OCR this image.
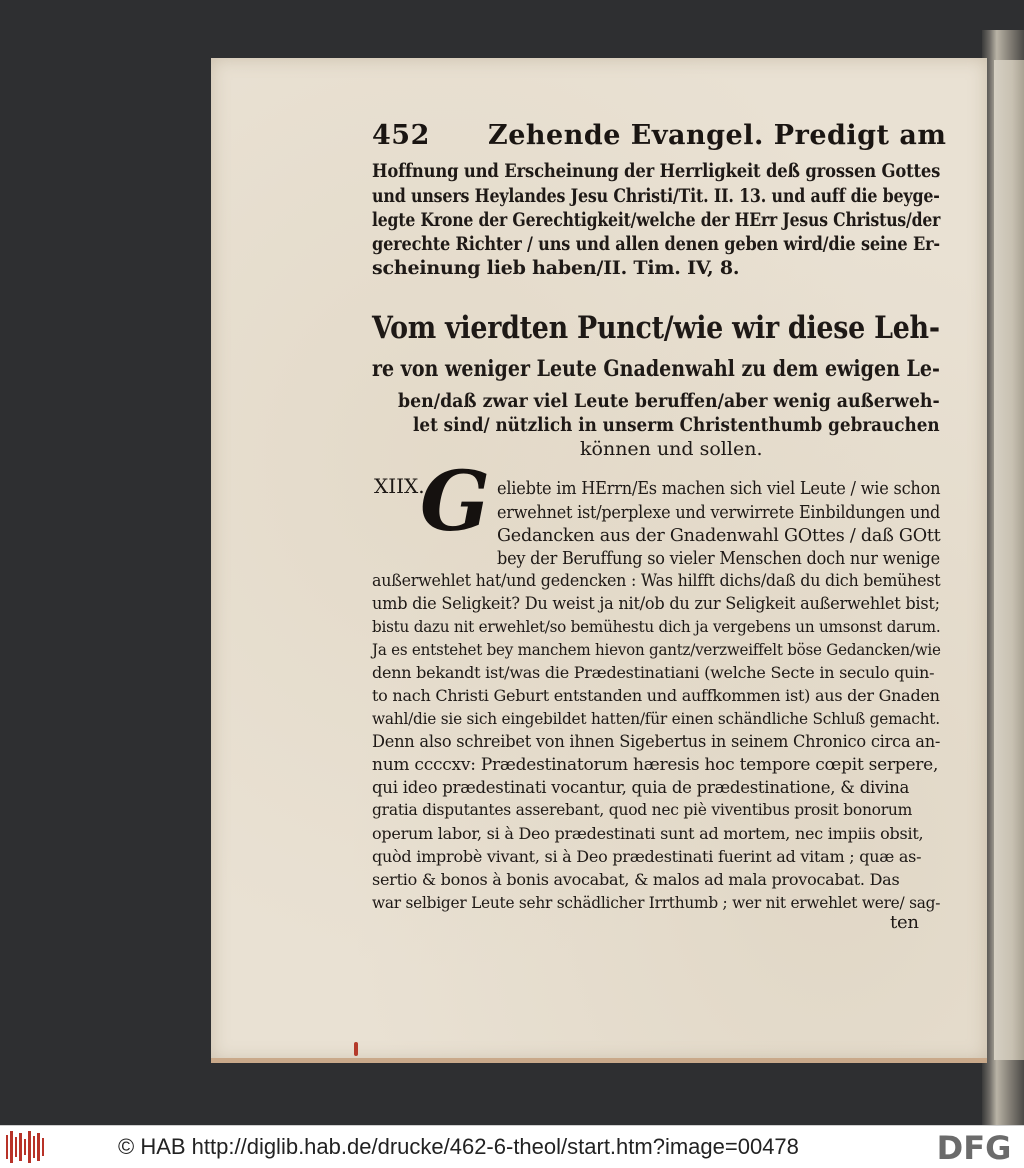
452 Zehende Evangel. Predigt am
Hoffnung und Erscheinung der Herrligkeit deß grossen Gottes
und unsers Heylandes Jesu Christi/Tit. II. 13. und auff die beyge-
legte Krone der Gerechtigkeit/welche der HErr Jesus Christus/der
gerechte Richter / uns und allen denen geben wird/die seine Er-
scheinung lieb haben/II. Tim. IV, 8.
Vom vierdten Punct/wie wir diese Leh-
re von weniger Leute Gnadenwahl zu dem ewigen Le-
ben/daß zwar viel Leute beruffen/aber wenig außerweh-
let sind/ nützlich in unserm Christenthumb gebrauchen
können und sollen.
XIIX.
G eliebte im HErrn/Es machen sich viel Leute / wie schon
erwehnet ist/perplexe und verwirrete Einbildungen und
Gedancken aus der Gnadenwahl GOttes / daß GOtt
bey der Beruffung so vieler Menschen doch nur wenige
außerwehlet hat/und gedencken : Was hilfft dichs/daß du dich bemühest
umb die Seligkeit? Du weist ja nit/ob du zur Seligkeit außerwehlet bist;
bistu dazu nit erwehlet/so bemühestu dich ja vergebens un umsonst darum.
Ja es entstehet bey manchem hievon gantz/verzweiffelt böse Gedancken/wie
denn bekandt ist/was die Prædestinatiani (welche Secte in seculo quin-
to nach Christi Geburt entstanden und auffkommen ist) aus der Gnaden
wahl/die sie sich eingebildet hatten/für einen schändliche Schluß gemacht.
Denn also schreibet von ihnen Sigebertus in seinem Chronico circa an-
num ccccxv: Prædestinatorum hæresis hoc tempore cœpit serpere,
qui ideo prædestinati vocantur, quia de prædestinatione, & divina
gratia disputantes asserebant, quod nec piè viventibus prosit bonorum
operum labor, si à Deo prædestinati sunt ad mortem, nec impiis obsit,
quòd improbè vivant, si à Deo prædestinati fuerint ad vitam ; quæ as-
sertio & bonos à bonis avocabat, & malos ad mala provocabat. Das
war selbiger Leute sehr schädlicher Irrthumb ; wer nit erwehlet were/ sag-
ten
© HAB http://diglib.hab.de/drucke/462-6-theol/start.htm?image=00478	DFG
